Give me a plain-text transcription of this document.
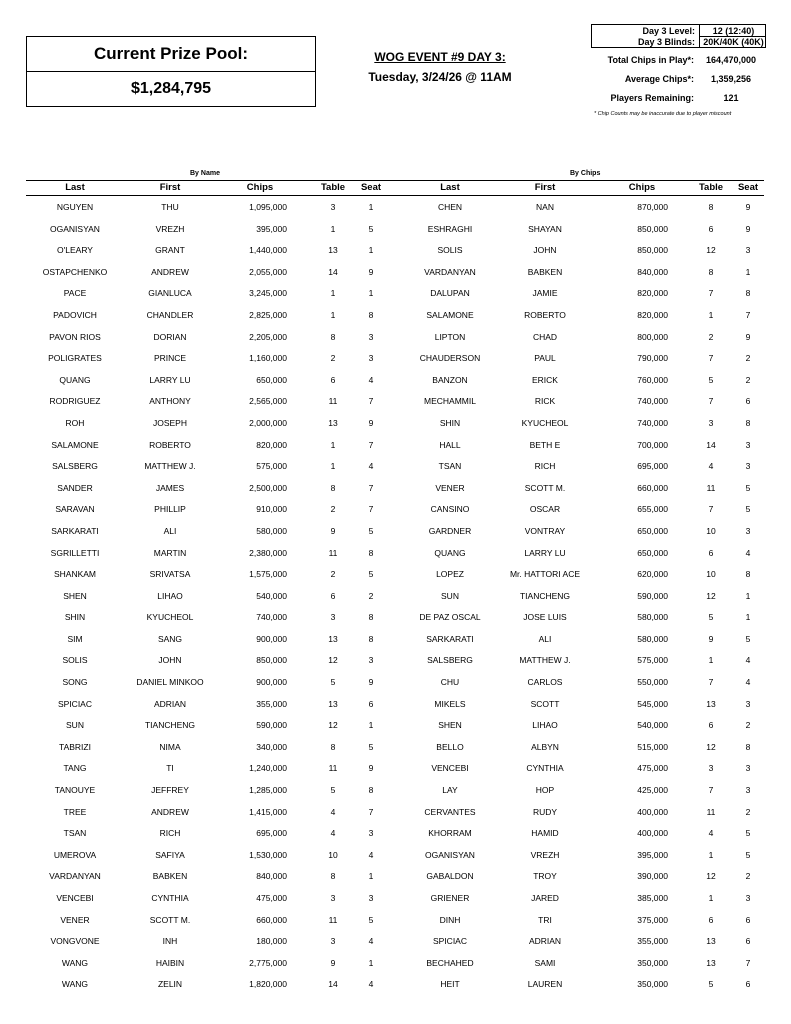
Current Prize Pool:
$1,284,795
WOG EVENT #9 DAY 3:
Tuesday, 3/24/26 @ 11AM
Day 3 Level:	12 (12:40)
Day 3 Blinds: 20K/40K (40K)
Total Chips in Play*:	164,470,000
Average Chips*:	1,359,256
Players Remaining:	121
* Chip Counts may be inaccurate due to player miscount
By Name	By Chips
Last	First	Chips	Table	Seat	Last	First	Chips	Table	Seat
NGUYEN	THU	1,095,000	3	1	CHEN	NAN	870,000	8	9
OGANISYAN	VREZH	395,000	1	5	ESHRAGHI	SHAYAN	850,000	6	9
O'LEARY	GRANT	1,440,000	13	1	SOLIS	JOHN	850,000	12	3
OSTAPCHENKO	ANDREW	2,055,000	14	9	VARDANYAN	BABKEN	840,000	8	1
PACE	GIANLUCA	3,245,000	1	1	DALUPAN	JAMIE	820,000	7	8
PADOVICH	CHANDLER	2,825,000	1	8	SALAMONE	ROBERTO	820,000	1	7
PAVON RIOS	DORIAN	2,205,000	8	3	LIPTON	CHAD	800,000	2	9
POLIGRATES	PRINCE	1,160,000	2	3	CHAUDERSON	PAUL	790,000	7	2
QUANG	LARRY LU	650,000	6	4	BANZON	ERICK	760,000	5	2
RODRIGUEZ	ANTHONY	2,565,000	11	7	MECHAMMIL	RICK	740,000	7	6
ROH	JOSEPH	2,000,000	13	9	SHIN	KYUCHEOL	740,000	3	8
SALAMONE	ROBERTO	820,000	1	7	HALL	BETH E	700,000	14	3
SALSBERG	MATTHEW J.	575,000	1	4	TSAN	RICH	695,000	4	3
SANDER	JAMES	2,500,000	8	7	VENER	SCOTT M.	660,000	11	5
SARAVAN	PHILLIP	910,000	2	7	CANSINO	OSCAR	655,000	7	5
SARKARATI	ALI	580,000	9	5	GARDNER	VONTRAY	650,000	10	3
SGRILLETTI	MARTIN	2,380,000	11	8	QUANG	LARRY LU	650,000	6	4
SHANKAM	SRIVATSA	1,575,000	2	5	LOPEZ	Mr. HATTORI ACE	620,000	10	8
SHEN	LIHAO	540,000	6	2	SUN	TIANCHENG	590,000	12	1
SHIN	KYUCHEOL	740,000	3	8	DE PAZ OSCAL	JOSE LUIS	580,000	5	1
SIM	SANG	900,000	13	8	SARKARATI	ALI	580,000	9	5
SOLIS	JOHN	850,000	12	3	SALSBERG	MATTHEW J.	575,000	1	4
SONG	DANIEL MINKOO	900,000	5	9	CHU	CARLOS	550,000	7	4
SPICIAC	ADRIAN	355,000	13	6	MIKELS	SCOTT	545,000	13	3
SUN	TIANCHENG	590,000	12	1	SHEN	LIHAO	540,000	6	2
TABRIZI	NIMA	340,000	8	5	BELLO	ALBYN	515,000	12	8
TANG	TI	1,240,000	11	9	VENCEBI	CYNTHIA	475,000	3	3
TANOUYE	JEFFREY	1,285,000	5	8	LAY	HOP	425,000	7	3
TREE	ANDREW	1,415,000	4	7	CERVANTES	RUDY	400,000	11	2
TSAN	RICH	695,000	4	3	KHORRAM	HAMID	400,000	4	5
UMEROVA	SAFIYA	1,530,000	10	4	OGANISYAN	VREZH	395,000	1	5
VARDANYAN	BABKEN	840,000	8	1	GABALDON	TROY	390,000	12	2
VENCEBI	CYNTHIA	475,000	3	3	GRIENER	JARED	385,000	1	3
VENER	SCOTT M.	660,000	11	5	DINH	TRI	375,000	6	6
VONGVONE	INH	180,000	3	4	SPICIAC	ADRIAN	355,000	13	6
WANG	HAIBIN	2,775,000	9	1	BECHAHED	SAMI	350,000	13	7
WANG	ZELIN	1,820,000	14	4	HEIT	LAUREN	350,000	5	6
